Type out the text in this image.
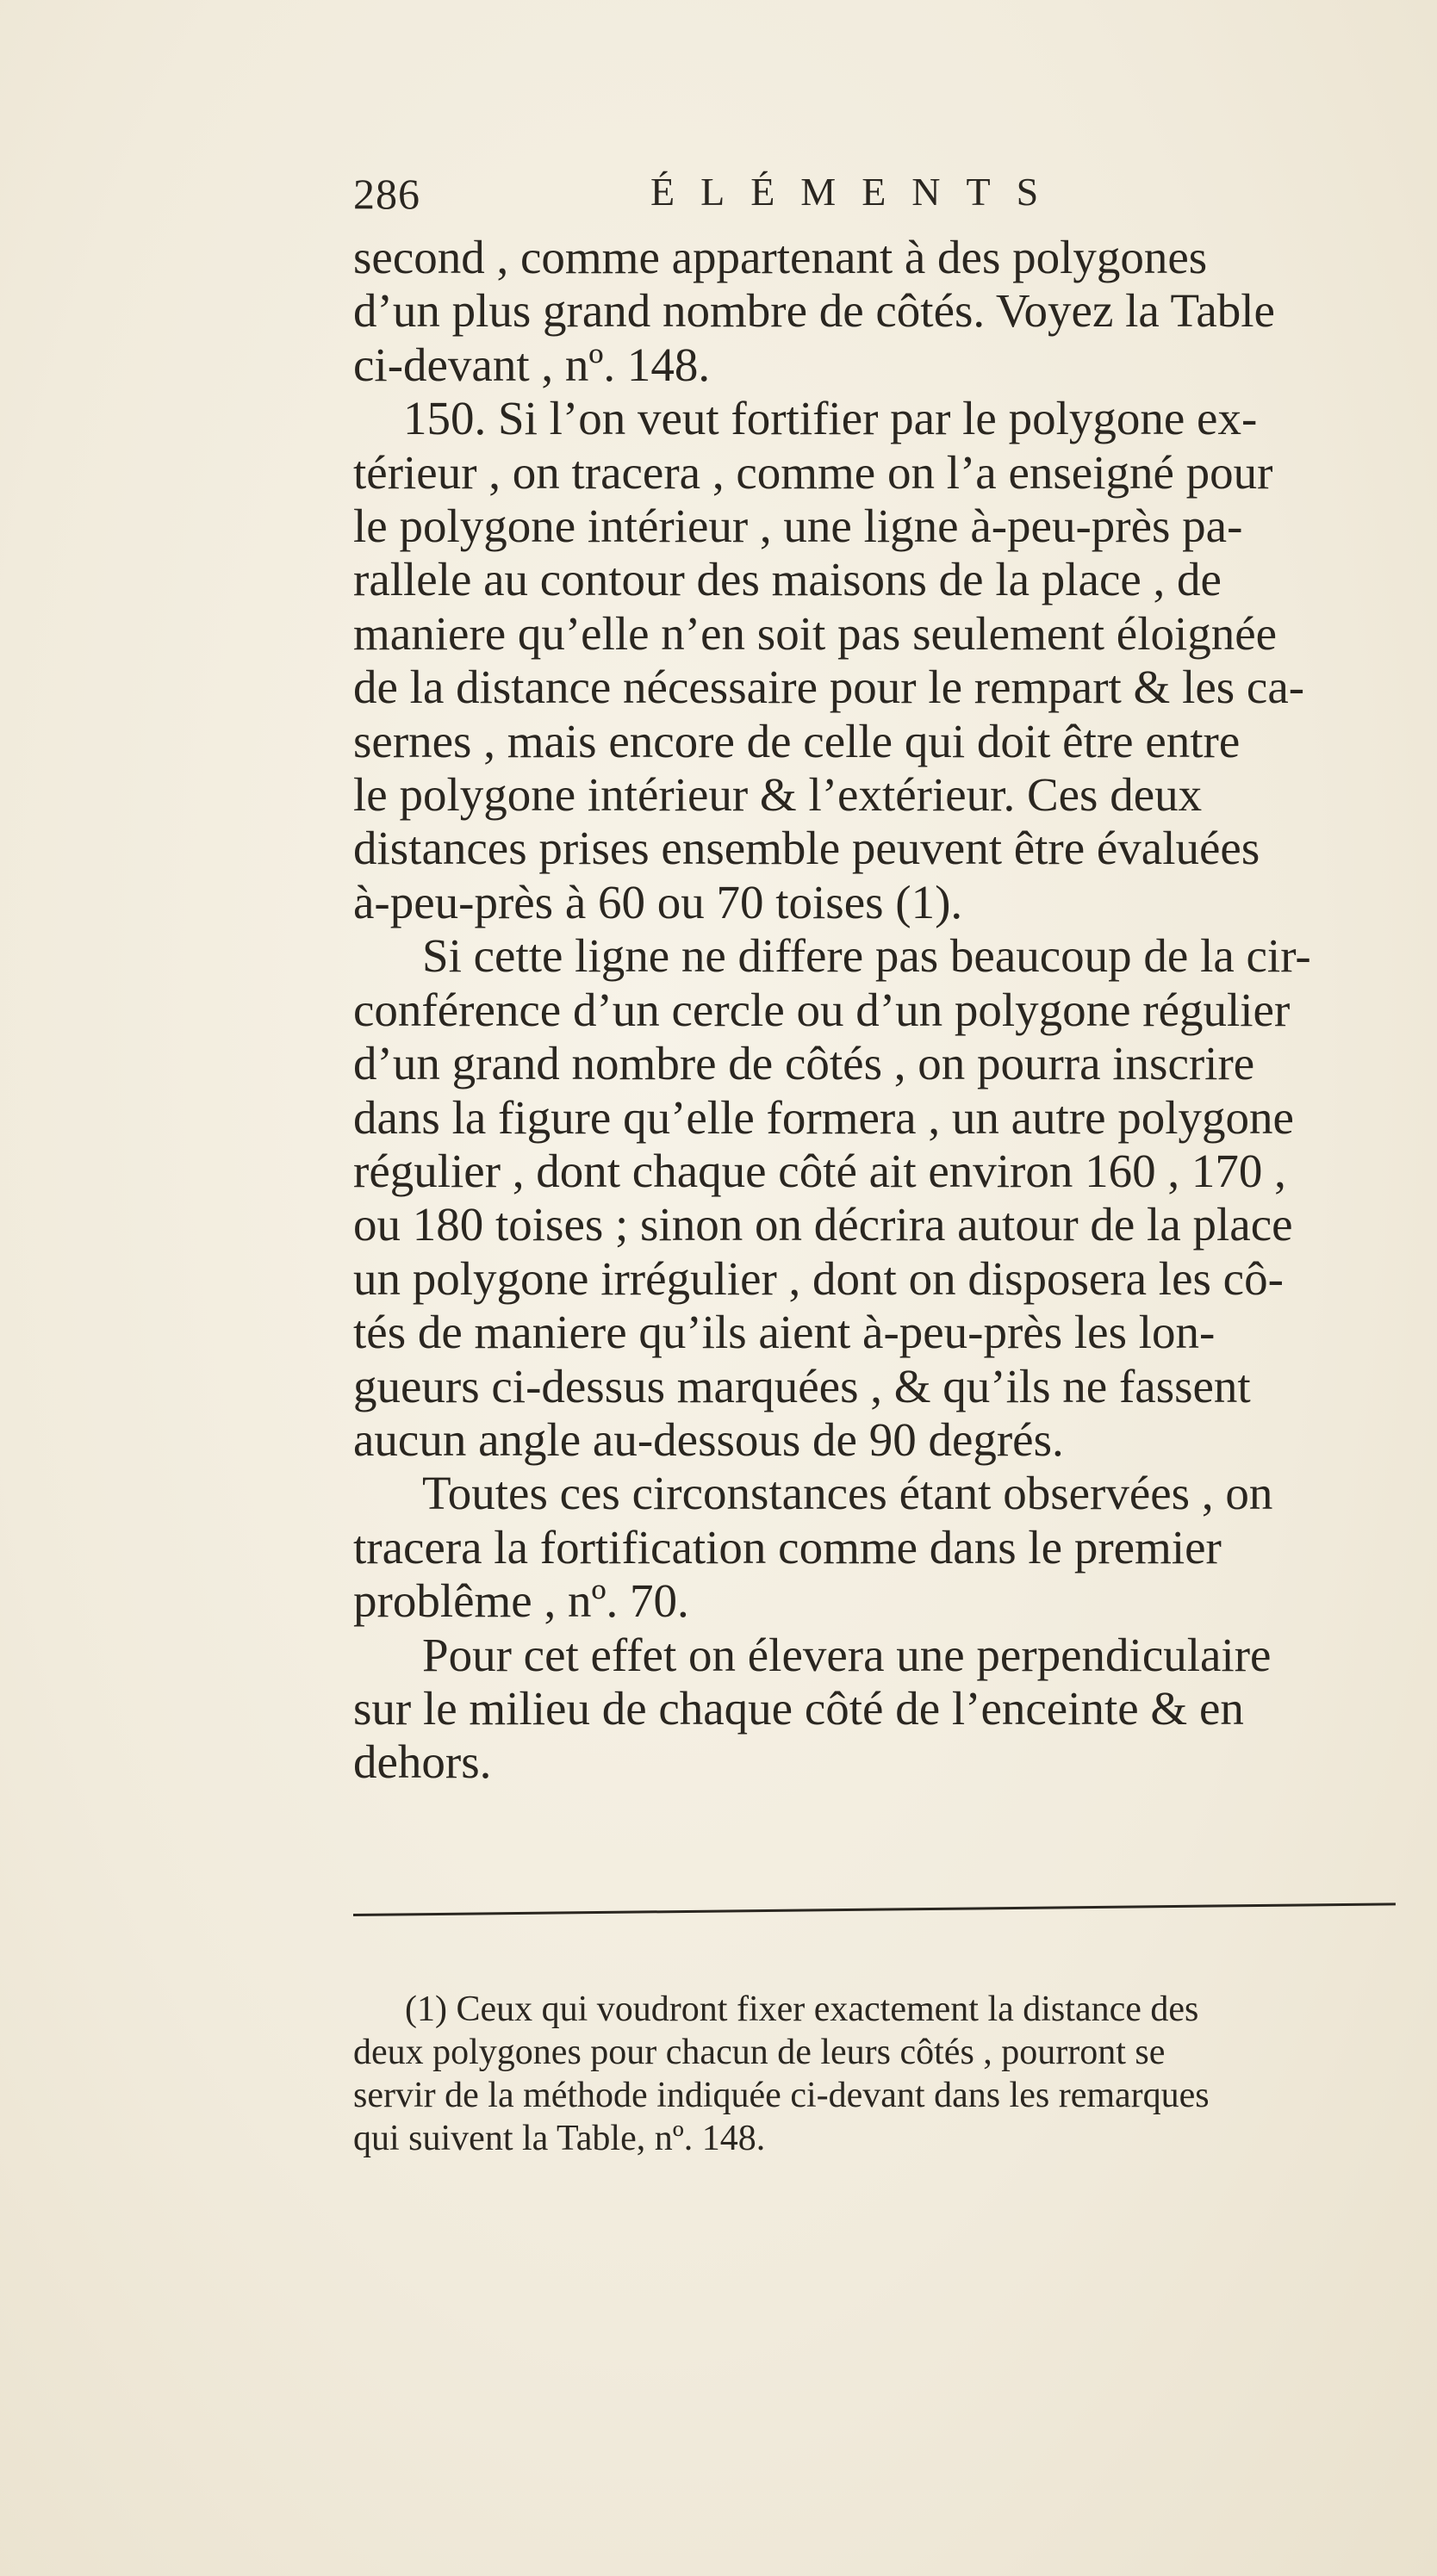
286	ÉLÉMENTS
second , comme appartenant à des polygones
d’un plus grand nombre de côtés. Voyez la Table
ci-devant , nº. 148.
150. Si l’on veut fortifier par le polygone ex-
térieur , on tracera , comme on l’a enseigné pour
le polygone intérieur , une ligne à-peu-près pa-
rallele au contour des maisons de la place , de
maniere qu’elle n’en soit pas seulement éloignée
de la distance nécessaire pour le rempart & les ca-
sernes , mais encore de celle qui doit être entre
le polygone intérieur & l’extérieur. Ces deux
distances prises ensemble peuvent être évaluées
à-peu-près à 60 ou 70 toises (1).
Si cette ligne ne differe pas beaucoup de la cir-
conférence d’un cercle ou d’un polygone régulier
d’un grand nombre de côtés , on pourra inscrire
dans la figure qu’elle formera , un autre polygone
régulier , dont chaque côté ait environ 160 , 170 ,
ou 180 toises ; sinon on décrira autour de la place
un polygone irrégulier , dont on disposera les cô-
tés de maniere qu’ils aient à-peu-près les lon-
gueurs ci-dessus marquées , & qu’ils ne fassent
aucun angle au-dessous de 90 degrés.
Toutes ces circonstances étant observées , on
tracera la fortification comme dans le premier
problême , nº. 70.
Pour cet effet on élevera une perpendiculaire
sur le milieu de chaque côté de l’enceinte & en
dehors.
(1) Ceux qui voudront fixer exactement la distance des
deux polygones pour chacun de leurs côtés , pourront se
servir de la méthode indiquée ci-devant dans les remarques
qui suivent la Table, nº. 148.
